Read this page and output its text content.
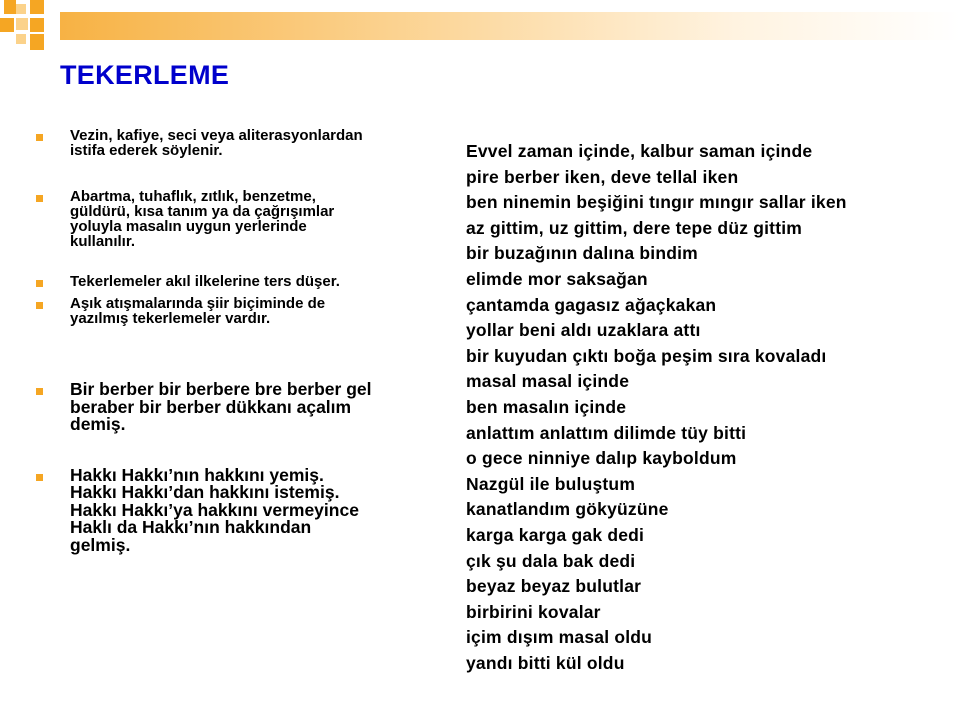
TEKERLEME
Vezin, kafiye, seci veya aliterasyonlardan
istifa ederek söylenir.
Abartma, tuhaflık, zıtlık, benzetme,
güldürü, kısa tanım ya da çağrışımlar
yoluyla masalın uygun yerlerinde
kullanılır.
Tekerlemeler akıl ilkelerine ters düşer.
Aşık atışmalarında şiir biçiminde de
yazılmış tekerlemeler vardır.
Bir berber bir berbere bre berber gel
beraber bir berber dükkanı açalım
demiş.
Hakkı Hakkı’nın hakkını yemiş.
Hakkı Hakkı’dan hakkını istemiş.
Hakkı Hakkı’ya hakkını vermeyince
Haklı da Hakkı’nın hakkından
gelmiş.
Evvel zaman içinde, kalbur saman içinde
pire berber iken, deve tellal iken
ben ninemin beşiğini tıngır mıngır sallar iken
az gittim, uz gittim, dere tepe düz gittim
bir buzağının dalına bindim
elimde mor saksağan
çantamda gagasız ağaçkakan
yollar beni aldı uzaklara attı
bir kuyudan çıktı boğa peşim sıra kovaladı
masal masal içinde
ben masalın içinde
anlattım anlattım dilimde tüy bitti
o gece ninniye dalıp kayboldum
Nazgül ile buluştum
kanatlandım gökyüzüne
karga karga gak dedi
çık şu dala bak dedi
beyaz beyaz bulutlar
birbirini kovalar
içim dışım masal oldu
yandı bitti kül oldu
